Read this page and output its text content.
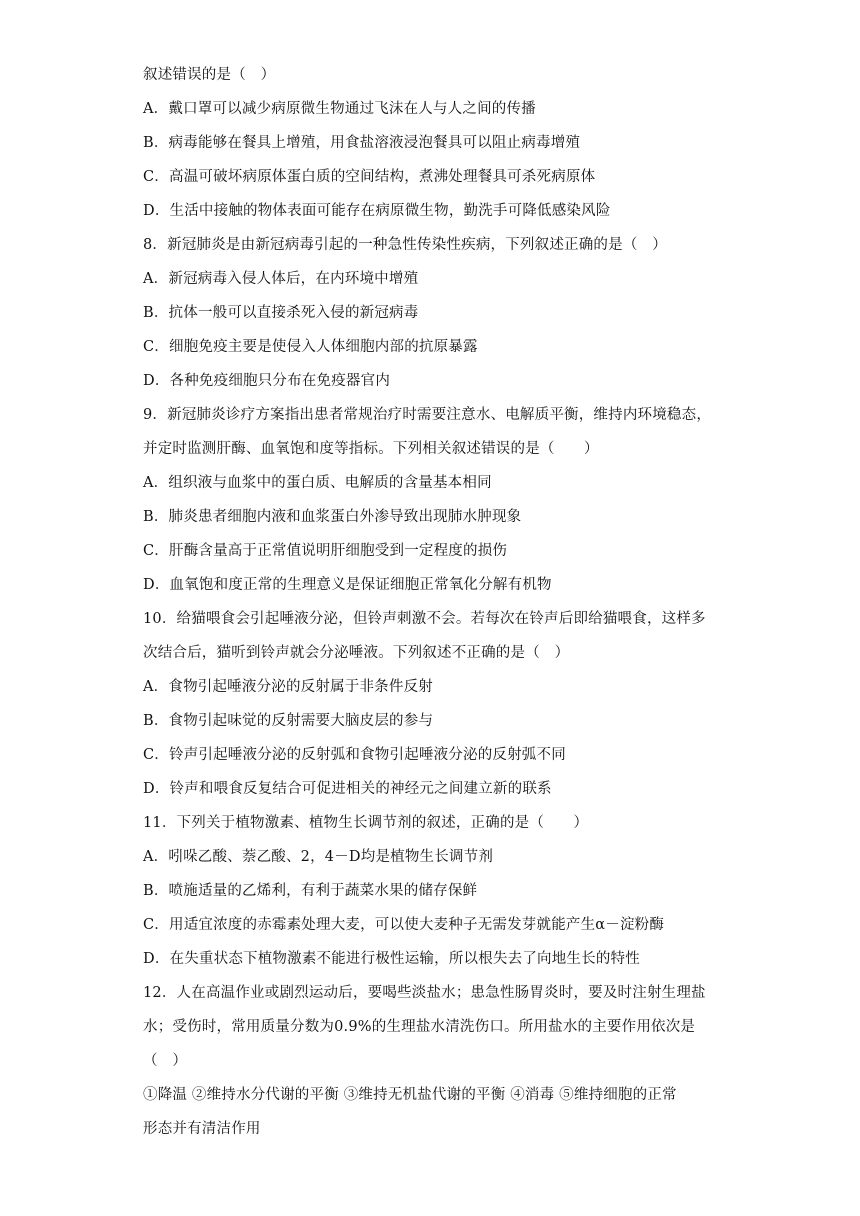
叙述错误的是（　）
A．戴口罩可以减少病原微生物通过飞沫在人与人之间的传播
B．病毒能够在餐具上增殖，用食盐溶液浸泡餐具可以阻止病毒增殖
C．高温可破坏病原体蛋白质的空间结构，煮沸处理餐具可杀死病原体
D．生活中接触的物体表面可能存在病原微生物，勤洗手可降低感染风险
8．新冠肺炎是由新冠病毒引起的一种急性传染性疾病，下列叙述正确的是（　）
A．新冠病毒入侵人体后，在内环境中增殖
B．抗体一般可以直接杀死入侵的新冠病毒
C．细胞免疫主要是使侵入人体细胞内部的抗原暴露
D．各种免疫细胞只分布在免疫器官内
9．新冠肺炎诊疗方案指出患者常规治疗时需要注意水、电解质平衡，维持内环境稳态，
并定时监测肝酶、血氧饱和度等指标。下列相关叙述错误的是（　　）
A．组织液与血浆中的蛋白质、电解质的含量基本相同
B．肺炎患者细胞内液和血浆蛋白外渗导致出现肺水肿现象
C．肝酶含量高于正常值说明肝细胞受到一定程度的损伤
D．血氧饱和度正常的生理意义是保证细胞正常氧化分解有机物
10．给猫喂食会引起唾液分泌，但铃声刺激不会。若每次在铃声后即给猫喂食，这样多
次结合后，猫听到铃声就会分泌唾液。下列叙述不正确的是（　）
A．食物引起唾液分泌的反射属于非条件反射
B．食物引起味觉的反射需要大脑皮层的参与
C．铃声引起唾液分泌的反射弧和食物引起唾液分泌的反射弧不同
D．铃声和喂食反复结合可促进相关的神经元之间建立新的联系
11．下列关于植物激素、植物生长调节剂的叙述，正确的是（　　）
A．吲哚乙酸、萘乙酸、2，4－D均是植物生长调节剂
B．喷施适量的乙烯利，有利于蔬菜水果的储存保鲜
C．用适宜浓度的赤霉素处理大麦，可以使大麦种子无需发芽就能产生α－淀粉酶
D．在失重状态下植物激素不能进行极性运输，所以根失去了向地生长的特性
12．人在高温作业或剧烈运动后，要喝些淡盐水；患急性肠胃炎时，要及时注射生理盐
水；受伤时，常用质量分数为0.9%的生理盐水清洗伤口。所用盐水的主要作用依次是
（　）
①降温 ②维持水分代谢的平衡 ③维持无机盐代谢的平衡 ④消毒 ⑤维持细胞的正常
形态并有清洁作用
